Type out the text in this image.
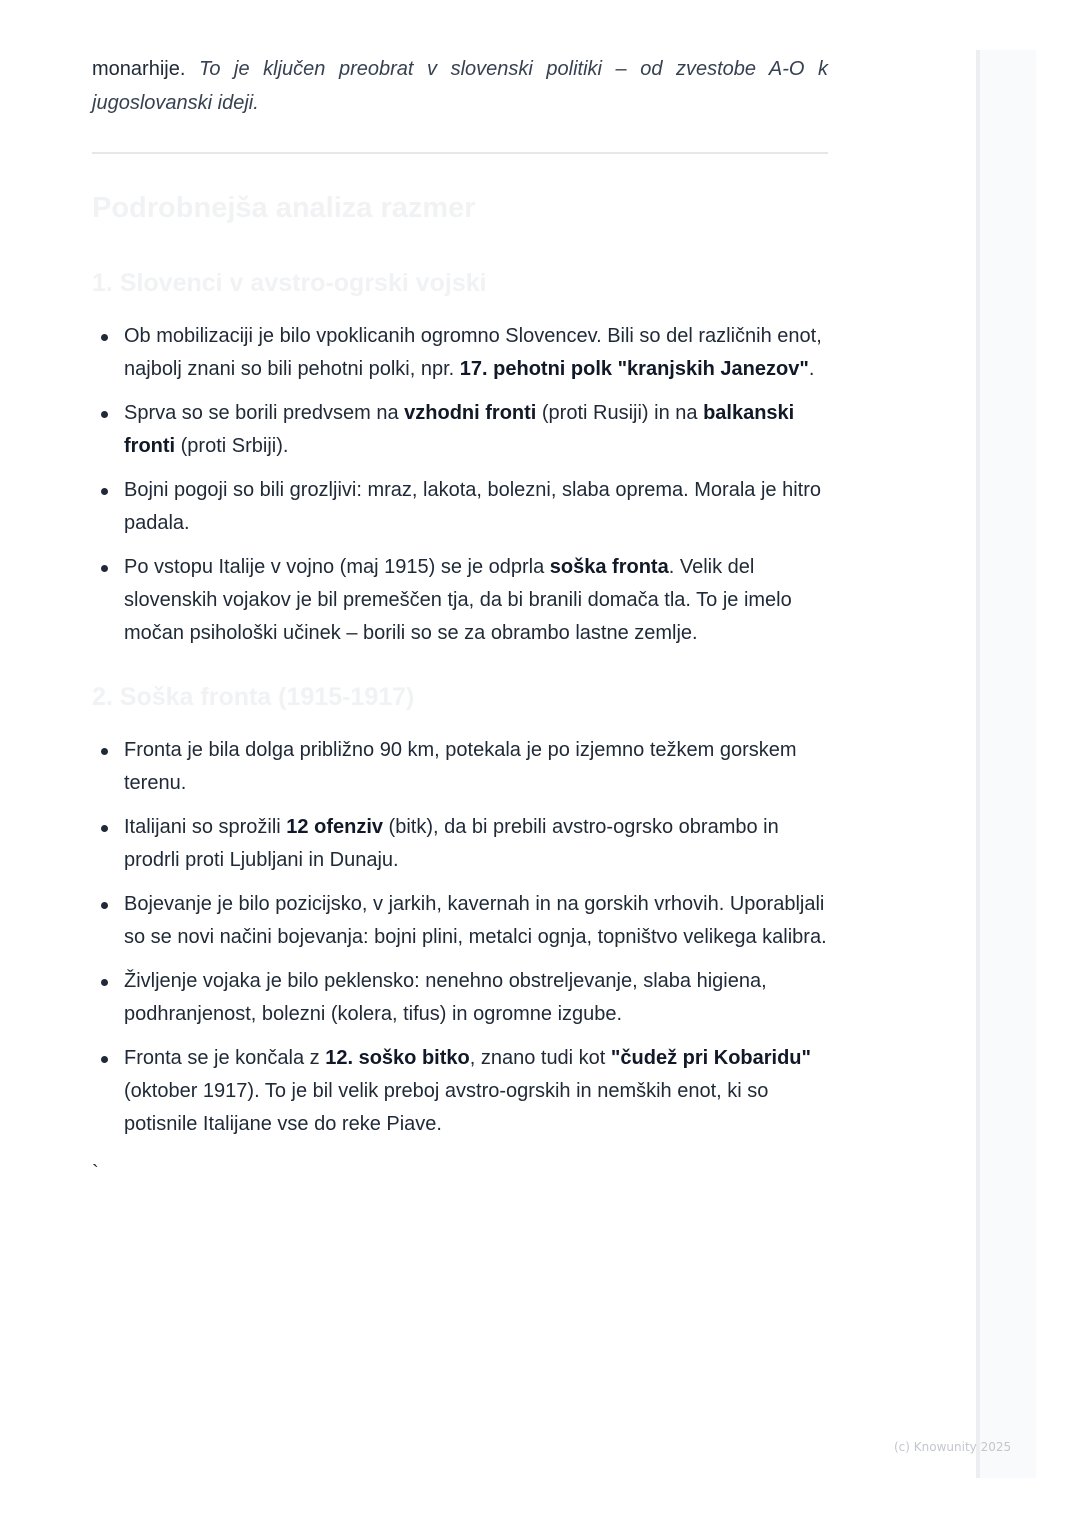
monarhije. To je ključen preobrat v slovenski politiki – od zvestobe A-O k jugoslovanski ideji.

Podrobnejša analiza razmer
1. Slovenci v avstro-ogrski vojski
Ob mobilizaciji je bilo vpoklicanih ogromno Slovencev. Bili so del različnih enot, najbolj znani so bili pehotni polki, npr. 17. pehotni polk "kranjskih Janezov".
Sprva so se borili predvsem na vzhodni fronti (proti Rusiji) in na balkanski fronti (proti Srbiji).
Bojni pogoji so bili grozljivi: mraz, lakota, bolezni, slaba oprema. Morala je hitro padala.
Po vstopu Italije v vojno (maj 1915) se je odprla soška fronta. Velik del slovenskih vojakov je bil premeščen tja, da bi branili domača tla. To je imelo močan psihološki učinek – borili so se za obrambo lastne zemlje.
2. Soška fronta (1915-1917)
Fronta je bila dolga približno 90 km, potekala je po izjemno težkem gorskem terenu.
Italijani so sprožili 12 ofenziv (bitk), da bi prebili avstro-ogrsko obrambo in prodrli proti Ljubljani in Dunaju.
Bojevanje je bilo pozicijsko, v jarkih, kavernah in na gorskih vrhovih. Uporabljali so se novi načini bojevanja: bojni plini, metalci ognja, topništvo velikega kalibra.
Življenje vojaka je bilo peklensko: nenehno obstreljevanje, slaba higiena, podhranjenost, bolezni (kolera, tifus) in ogromne izgube.
Fronta se je končala z 12. soško bitko, znano tudi kot "čudež pri Kobaridu" (oktober 1917). To je bil velik preboj avstro-ogrskih in nemških enot, ki so potisnile Italijane vse do reke Piave.
`
(c) Knowunity 2025
